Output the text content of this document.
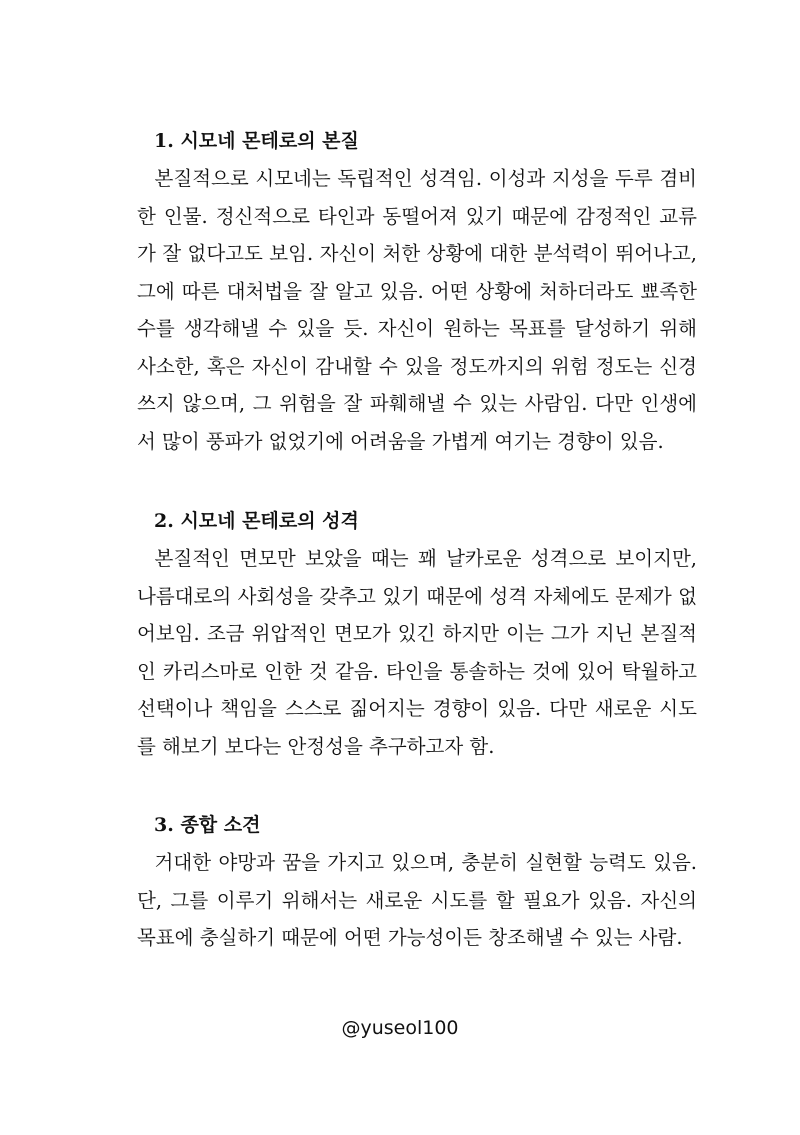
1. 시모네 몬테로의 본질
본질적으로 시모네는 독립적인 성격임. 이성과 지성을 두루 겸비
한 인물. 정신적으로 타인과 동떨어져 있기 때문에 감정적인 교류
가 잘 없다고도 보임. 자신이 처한 상황에 대한 분석력이 뛰어나고,
그에 따른 대처법을 잘 알고 있음. 어떤 상황에 처하더라도 뾰족한
수를 생각해낼 수 있을 듯. 자신이 원하는 목표를 달성하기 위해
사소한, 혹은 자신이 감내할 수 있을 정도까지의 위험 정도는 신경
쓰지 않으며, 그 위험을 잘 파훼해낼 수 있는 사람임. 다만 인생에
서 많이 풍파가 없었기에 어려움을 가볍게 여기는 경향이 있음.
2. 시모네 몬테로의 성격
본질적인 면모만 보았을 때는 꽤 날카로운 성격으로 보이지만,
나름대로의 사회성을 갖추고 있기 때문에 성격 자체에도 문제가 없
어보임. 조금 위압적인 면모가 있긴 하지만 이는 그가 지닌 본질적
인 카리스마로 인한 것 같음. 타인을 통솔하는 것에 있어 탁월하고
선택이나 책임을 스스로 짊어지는 경향이 있음. 다만 새로운 시도
를 해보기 보다는 안정성을 추구하고자 함.
3. 종합 소견
거대한 야망과 꿈을 가지고 있으며, 충분히 실현할 능력도 있음.
단, 그를 이루기 위해서는 새로운 시도를 할 필요가 있음. 자신의
목표에 충실하기 때문에 어떤 가능성이든 창조해낼 수 있는 사람.
@yuseol100
